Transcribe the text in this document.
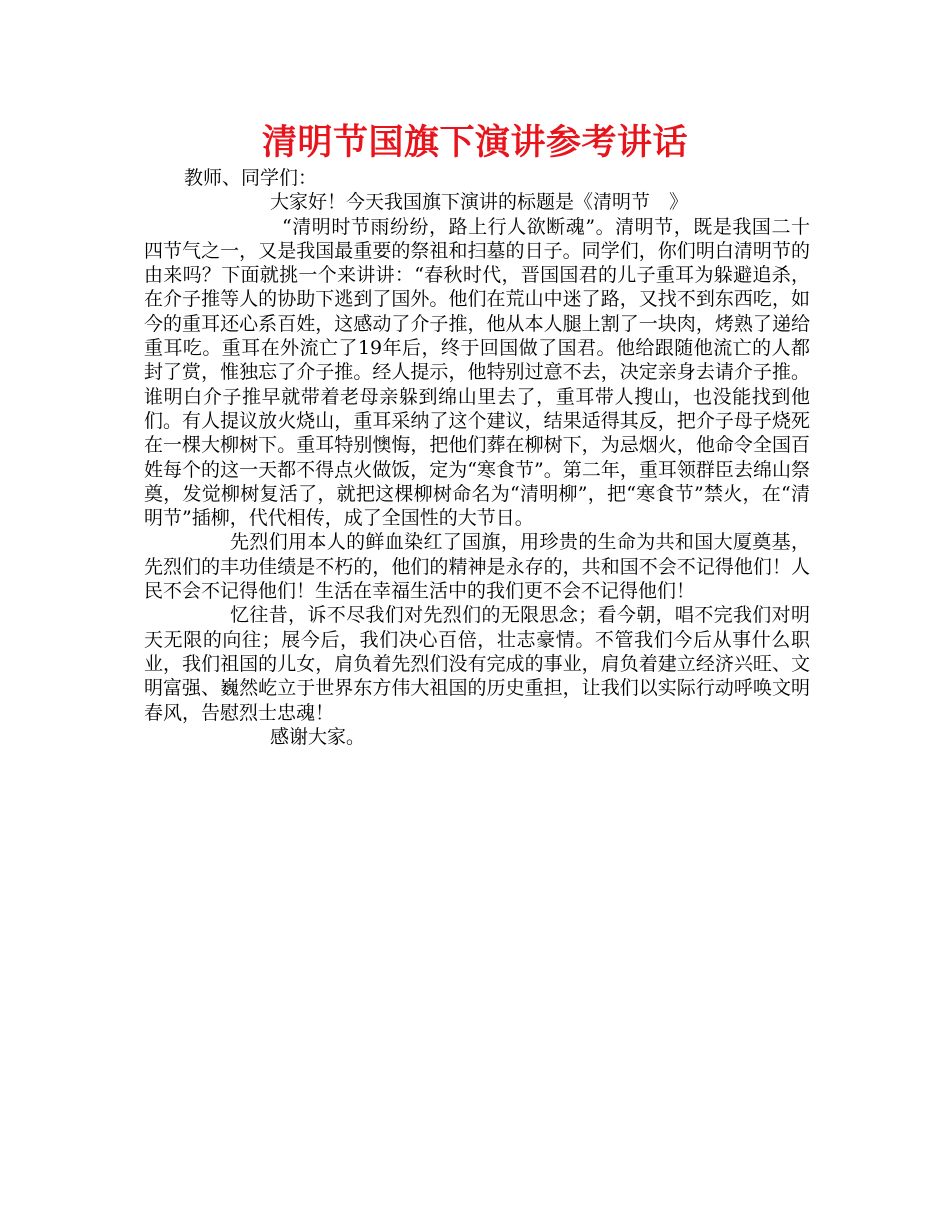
清明节国旗下演讲参考讲话

教师、同学们：

大家好！今天我国旗下演讲的标题是《清明节　》

“清明时节雨纷纷，路上行人欲断魂”。清明节，既是我国二十四节气之一，又是我国最重要的祭祖和扫墓的日子。同学们，你们明白清明节的由来吗？下面就挑一个来讲讲：“春秋时代，晋国国君的儿子重耳为躲避追杀，在介子推等人的协助下逃到了国外。他们在荒山中迷了路，又找不到东西吃，如今的重耳还心系百姓，这感动了介子推，他从本人腿上割了一块肉，烤熟了递给重耳吃。重耳在外流亡了19年后，终于回国做了国君。他给跟随他流亡的人都封了赏，惟独忘了介子推。经人提示，他特别过意不去，决定亲身去请介子推。谁明白介子推早就带着老母亲躲到绵山里去了，重耳带人搜山，也没能找到他们。有人提议放火烧山，重耳采纳了这个建议，结果适得其反，把介子母子烧死在一棵大柳树下。重耳特别懊悔，把他们葬在柳树下，为忌烟火，他命令全国百姓每个的这一天都不得点火做饭，定为“寒食节”。第二年，重耳领群臣去绵山祭奠，发觉柳树复活了，就把这棵柳树命名为“清明柳”，把“寒食节”禁火，在“清明节”插柳，代代相传，成了全国性的大节日。

先烈们用本人的鲜血染红了国旗，用珍贵的生命为共和国大厦奠基，先烈们的丰功佳绩是不朽的，他们的精神是永存的，共和国不会不记得他们！人民不会不记得他们！生活在幸福生活中的我们更不会不记得他们！

忆往昔，诉不尽我们对先烈们的无限思念；看今朝，唱不完我们对明天无限的向往；展今后，我们决心百倍，壮志豪情。不管我们今后从事什么职业，我们祖国的儿女，肩负着先烈们没有完成的事业，肩负着建立经济兴旺、文明富强、巍然屹立于世界东方伟大祖国的历史重担，让我们以实际行动呼唤文明春风，告慰烈士忠魂！

感谢大家。
